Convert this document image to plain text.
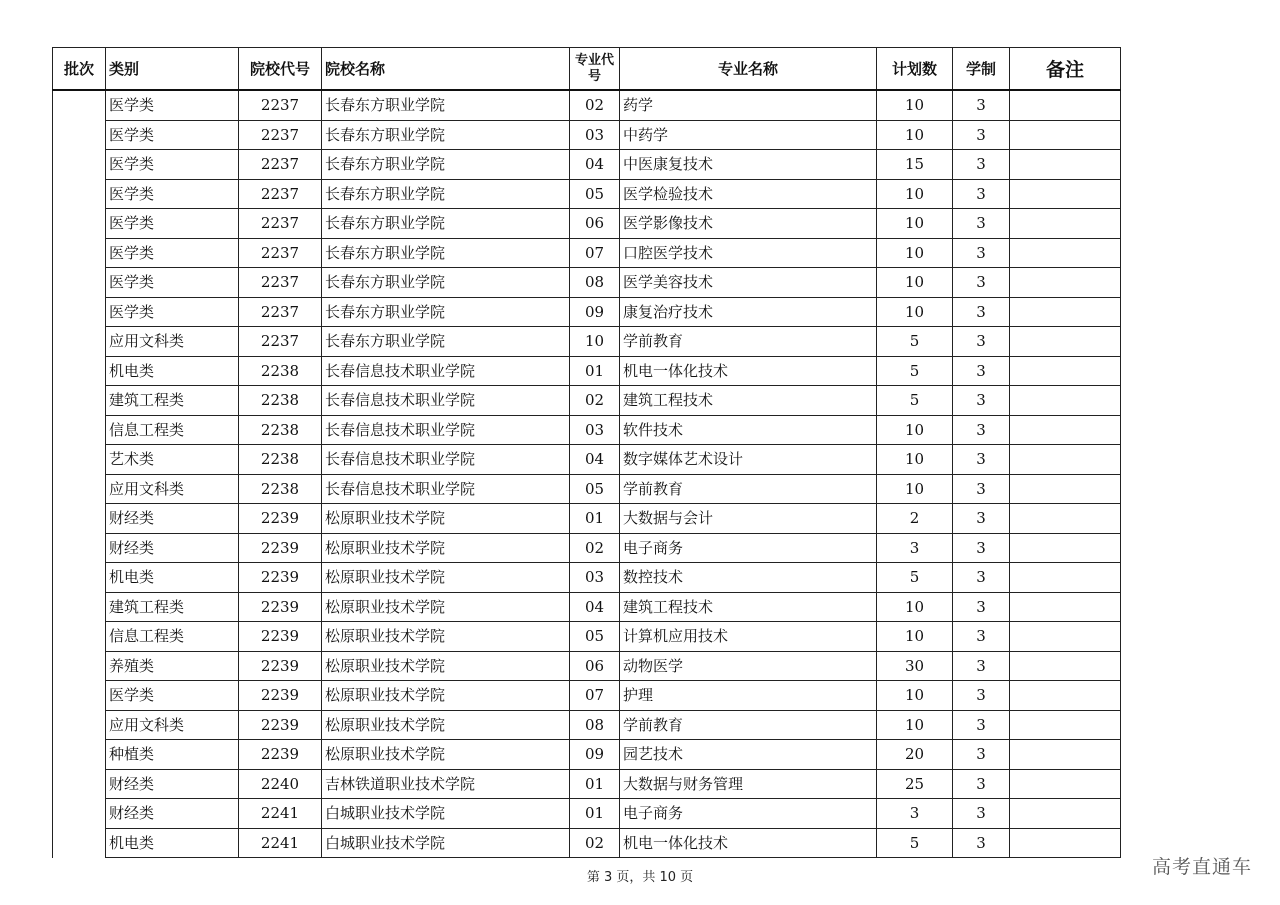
批次	类别	院校代号	院校名称	专业代号	专业名称	计划数	学制	备注
	医学类	2237	长春东方职业学院	02	药学	10	3	
	医学类	2237	长春东方职业学院	03	中药学	10	3	
	医学类	2237	长春东方职业学院	04	中医康复技术	15	3	
	医学类	2237	长春东方职业学院	05	医学检验技术	10	3	
	医学类	2237	长春东方职业学院	06	医学影像技术	10	3	
	医学类	2237	长春东方职业学院	07	口腔医学技术	10	3	
	医学类	2237	长春东方职业学院	08	医学美容技术	10	3	
	医学类	2237	长春东方职业学院	09	康复治疗技术	10	3	
	应用文科类	2237	长春东方职业学院	10	学前教育	5	3	
	机电类	2238	长春信息技术职业学院	01	机电一体化技术	5	3	
	建筑工程类	2238	长春信息技术职业学院	02	建筑工程技术	5	3	
	信息工程类	2238	长春信息技术职业学院	03	软件技术	10	3	
	艺术类	2238	长春信息技术职业学院	04	数字媒体艺术设计	10	3	
	应用文科类	2238	长春信息技术职业学院	05	学前教育	10	3	
	财经类	2239	松原职业技术学院	01	大数据与会计	2	3	
	财经类	2239	松原职业技术学院	02	电子商务	3	3	
	机电类	2239	松原职业技术学院	03	数控技术	5	3	
	建筑工程类	2239	松原职业技术学院	04	建筑工程技术	10	3	
	信息工程类	2239	松原职业技术学院	05	计算机应用技术	10	3	
	养殖类	2239	松原职业技术学院	06	动物医学	30	3	
	医学类	2239	松原职业技术学院	07	护理	10	3	
	应用文科类	2239	松原职业技术学院	08	学前教育	10	3	
	种植类	2239	松原职业技术学院	09	园艺技术	20	3	
	财经类	2240	吉林铁道职业技术学院	01	大数据与财务管理	25	3	
	财经类	2241	白城职业技术学院	01	电子商务	3	3	
	机电类	2241	白城职业技术学院	02	机电一体化技术	5	3	
第 3 页，共 10 页	高考直通车
